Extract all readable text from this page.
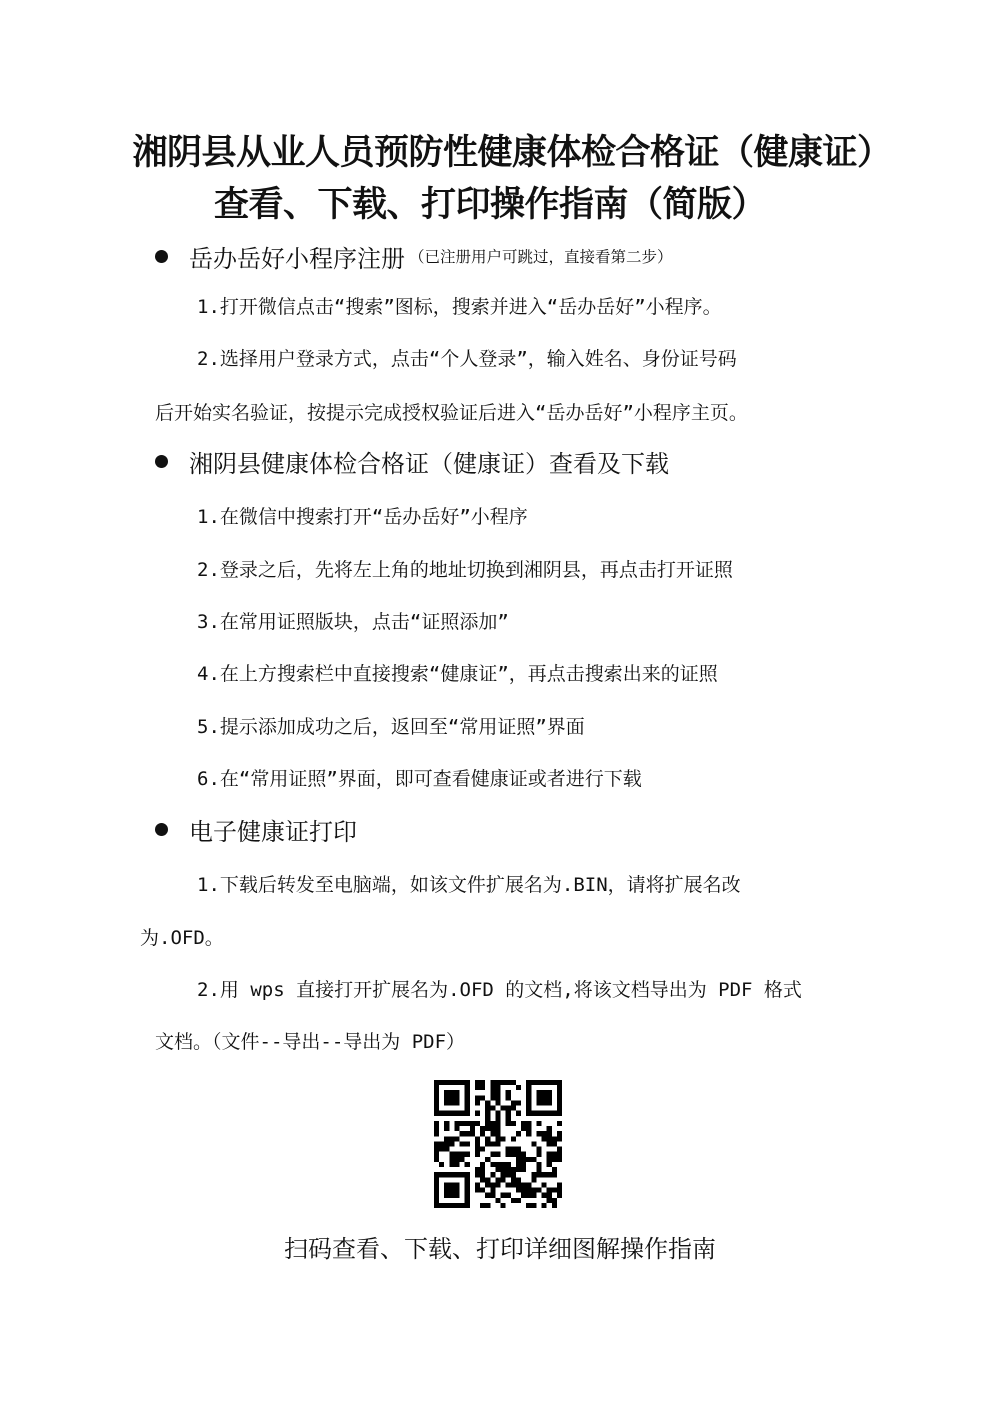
湘阴县从业人员预防性健康体检合格证（健康证）
查看、下载、打印操作指南（简版）
岳办岳好小程序注册 （已注册用户可跳过，直接看第二步）
1.打开微信点击“搜索”图标，搜索并进入“岳办岳好”小程序。
2.选择用户登录方式，点击“个人登录”，输入姓名、身份证号码
后开始实名验证，按提示完成授权验证后进入“岳办岳好”小程序主页。
湘阴县健康体检合格证（健康证）查看及下载
1.在微信中搜索打开“岳办岳好”小程序
2.登录之后，先将左上角的地址切换到湘阴县，再点击打开证照
3.在常用证照版块，点击“证照添加”
4.在上方搜索栏中直接搜索“健康证”，再点击搜索出来的证照
5.提示添加成功之后，返回至“常用证照”界面
6.在“常用证照”界面，即可查看健康证或者进行下载
电子健康证打印
1.下载后转发至电脑端，如该文件扩展名为.BIN，请将扩展名改
为.OFD。
2.用 wps 直接打开扩展名为.OFD 的文档,将该文档导出为 PDF 格式
文档。（文件--导出--导出为 PDF）
扫码查看、下载、打印详细图解操作指南
